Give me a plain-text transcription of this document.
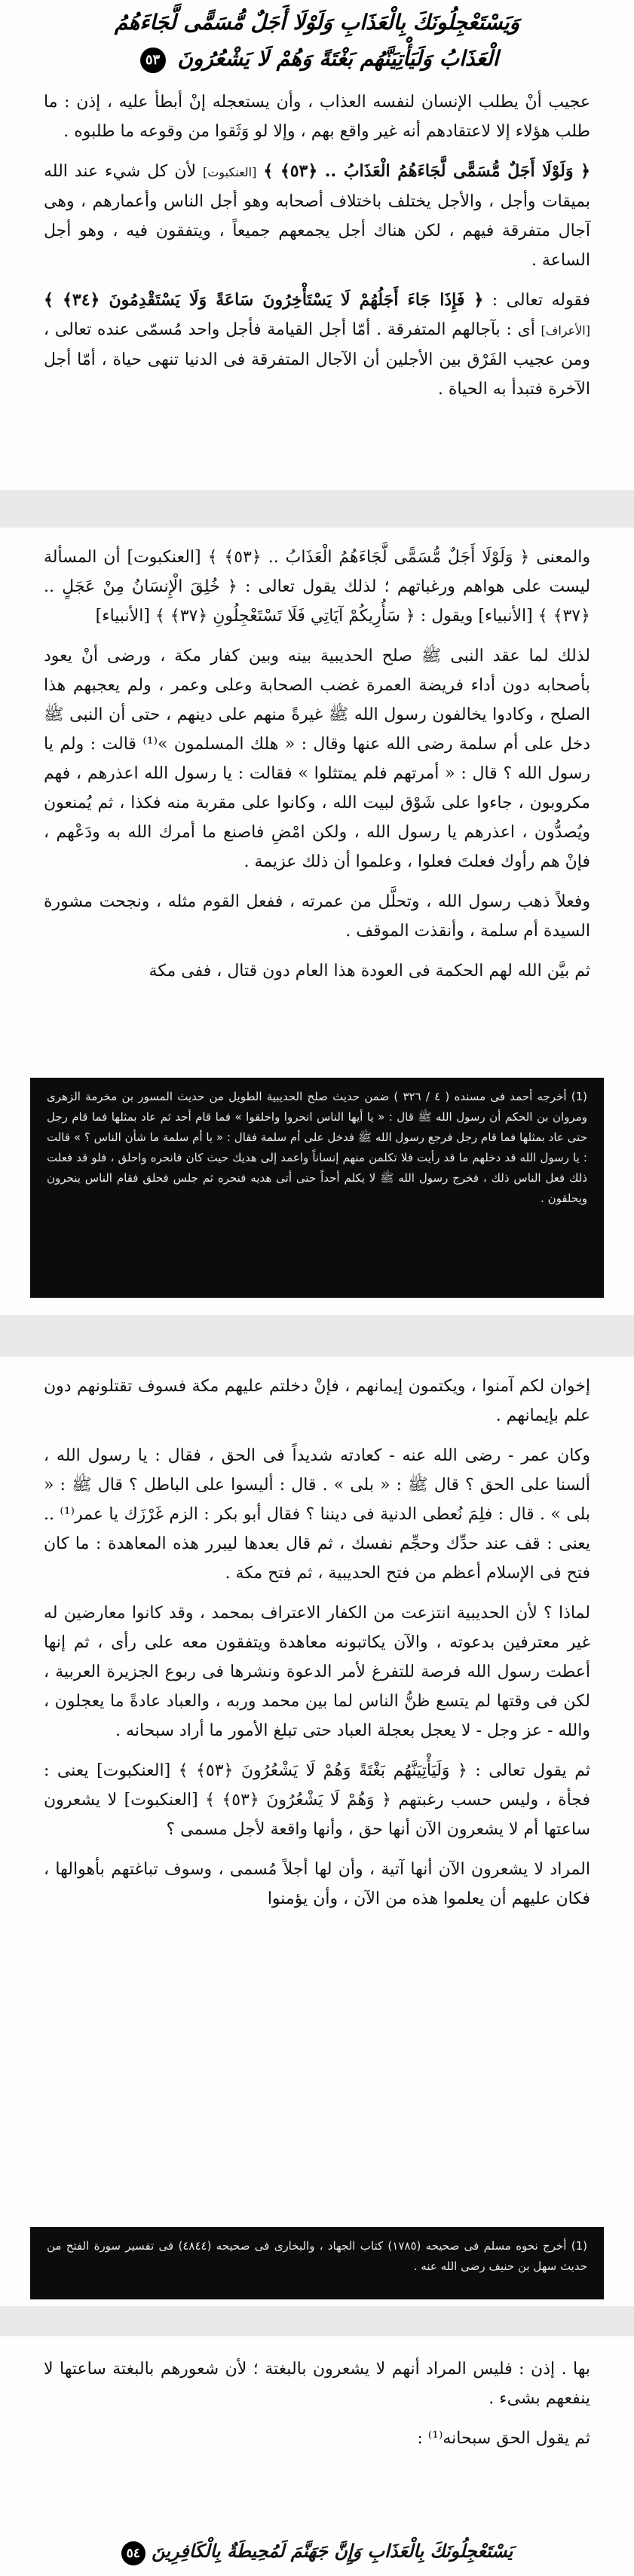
وَيَسْتَعْجِلُونَكَ بِالْعَذَابِ وَلَوْلَا أَجَلٌ مُّسَمًّى لَّجَاءَهُمُ
الْعَذَابُ وَلَيَأْتِيَنَّهُم بَغْتَةً وَهُمْ لَا يَشْعُرُونَ ٥٣

عجيب أنْ يطلب الإنسان لنفسه العذاب ، وأن يستعجله إنْ أبطأ عليه ، إذن : ما طلب هؤلاء إلا لاعتقادهم أنه غير واقع بهم ، وإلا لو وَثَقوا من وقوعه ما طلبوه .

﴿ وَلَوْلَا أَجَلٌ مُّسَمًّى لَّجَاءَهُمُ الْعَذَابُ .. ﴿٥٣﴾ ﴾ [العنكبوت] لأن كل شيء عند الله بميقات وأجل ، والأجل يختلف باختلاف أصحابه وهو أجل الناس وأعمارهم ، وهى آجال متفرقة فيهم ، لكن هناك أجل يجمعهم جميعاً ، ويتفقون فيه ، وهو أجل الساعة .

فقوله تعالى : ﴿ فَإِذَا جَاءَ أَجَلُهُمْ لَا يَسْتَأْخِرُونَ سَاعَةً وَلَا يَسْتَقْدِمُونَ ﴿٣٤﴾ ﴾ [الأعراف] أى : بآجالهم المتفرقة . أمّا أجل القيامة فأجل واحد مُسمّى عنده تعالى ، ومن عجيب الفَرْق بين الأجلين أن الآجال المتفرقة فى الدنيا تنهى حياة ، أمّا أجل الآخرة فتبدأ به الحياة .

والمعنى ﴿ وَلَوْلَا أَجَلٌ مُّسَمًّى لَّجَاءَهُمُ الْعَذَابُ .. ﴿٥٣﴾ ﴾ [العنكبوت] أن المسألة ليست على هواهم ورغباتهم ؛ لذلك يقول تعالى : ﴿ خُلِقَ الْإِنسَانُ مِنْ عَجَلٍ .. ﴿٣٧﴾ ﴾ [الأنبياء] ويقول : ﴿ سَأُرِيكُمْ آيَاتِي فَلَا تَسْتَعْجِلُونِ ﴿٣٧﴾ ﴾ [الأنبياء]

لذلك لما عقد النبى ﷺ صلح الحديبية بينه وبين كفار مكة ، ورضى أنْ يعود بأصحابه دون أداء فريضة العمرة غضب الصحابة وعلى وعمر ، ولم يعجبهم هذا الصلح ، وكادوا يخالفون رسول الله ﷺ غيرةً منهم على دينهم ، حتى أن النبى ﷺ دخل على أم سلمة رضى الله عنها وقال : « هلك المسلمون »⁽¹⁾ قالت : ولم يا رسول الله ؟ قال : « أمرتهم فلم يمتثلوا » فقالت : يا رسول الله اعذرهم ، فهم مكروبون ، جاءوا على شَوْق لبيت الله ، وكانوا على مقربة منه فكذا ، ثم يُمنعون ويُصدُّون ، اعذرهم يا رسول الله ، ولكن امْضِ فاصنع ما أمرك الله به ودَعْهم ، فإنْ هم رأوك فعلتَ فعلوا ، وعلموا أن ذلك عزيمة .

وفعلاً ذهب رسول الله ، وتحلَّل من عمرته ، ففعل القوم مثله ، ونجحت مشورة السيدة أم سلمة ، وأنقذت الموقف .

ثم بيَّن الله لهم الحكمة فى العودة هذا العام دون قتال ، ففى مكة

(1) أخرجه أحمد فى مسنده ( ٤ / ٣٢٦ ) ضمن حديث صلح الحديبية الطويل من حديث المسور بن مخرمة الزهرى ومروان بن الحكم أن رسول الله ﷺ قال : « يا أيها الناس انحروا واحلقوا » فما قام أحد ثم عاد بمثلها فما قام رجل حتى عاد بمثلها فما قام رجل فرجع رسول الله ﷺ فدخل على أم سلمة فقال : « يا أم سلمة ما شأن الناس ؟ » قالت : يا رسول الله قد دخلهم ما قد رأيت فلا تكلمن منهم إنساناً واعمد إلى هديك حيث كان فانحره واحلق ، فلو قد فعلت ذلك فعل الناس ذلك ، فخرج رسول الله ﷺ لا يكلم أحداً حتى أتى هديه فنحره ثم جلس فحلق فقام الناس ينحرون ويحلقون .

إخوان لكم آمنوا ، ويكتمون إيمانهم ، فإنْ دخلتم عليهم مكة فسوف تقتلونهم دون علم بإيمانهم .

وكان عمر - رضى الله عنه - كعادته شديداً فى الحق ، فقال : يا رسول الله ، ألسنا على الحق ؟ قال ﷺ : « بلى » . قال : أليسوا على الباطل ؟ قال ﷺ : « بلى » . قال : فلِمَ نُعطى الدنية فى ديننا ؟ فقال أبو بكر : الزم غَرْزَك يا عمر⁽¹⁾ .. يعنى : قف عند حدِّك وحجِّم نفسك ، ثم قال بعدها ليبرر هذه المعاهدة : ما كان فتح فى الإسلام أعظم من فتح الحديبية ، ثم فتح مكة .

لماذا ؟ لأن الحديبية انتزعت من الكفار الاعتراف بمحمد ، وقد كانوا معارضين له غير معترفين بدعوته ، والآن يكاتبونه معاهدة ويتفقون معه على رأى ، ثم إنها أعطت رسول الله فرصة للتفرغ لأمر الدعوة ونشرها فى ربوع الجزيرة العربية ، لكن فى وقتها لم يتسع ظنُّ الناس لما بين محمد وربه ، والعباد عادةً ما يعجلون ، والله - عز وجل - لا يعجل بعجلة العباد حتى تبلغ الأمور ما أراد سبحانه .

ثم يقول تعالى : ﴿ وَلَيَأْتِيَنَّهُم بَغْتَةً وَهُمْ لَا يَشْعُرُونَ ﴿٥٣﴾ ﴾ [العنكبوت] يعنى : فجأة ، وليس حسب رغبتهم ﴿ وَهُمْ لَا يَشْعُرُونَ ﴿٥٣﴾ ﴾ [العنكبوت] لا يشعرون ساعتها أم لا يشعرون الآن أنها حق ، وأنها واقعة لأجل مسمى ؟

المراد لا يشعرون الآن أنها آتية ، وأن لها أجلاً مُسمى ، وسوف تباغتهم بأهوالها ، فكان عليهم أن يعلموا هذه من الآن ، وأن يؤمنوا

(1) أخرج نحوه مسلم فى صحيحه (١٧٨٥) كتاب الجهاد ، والبخارى فى صحيحه (٤٨٤٤) فى تفسير سورة الفتح من حديث سهل بن حنيف رضى الله عنه .

بها . إذن : فليس المراد أنهم لا يشعرون بالبغتة ؛ لأن شعورهم بالبغتة ساعتها لا ينفعهم بشىء .

ثم يقول الحق سبحانه⁽¹⁾ :

يَسْتَعْجِلُونَكَ بِالْعَذَابِ وَإِنَّ جَهَنَّمَ لَمُحِيطَةٌ بِالْكَافِرِينَ ٥٤
